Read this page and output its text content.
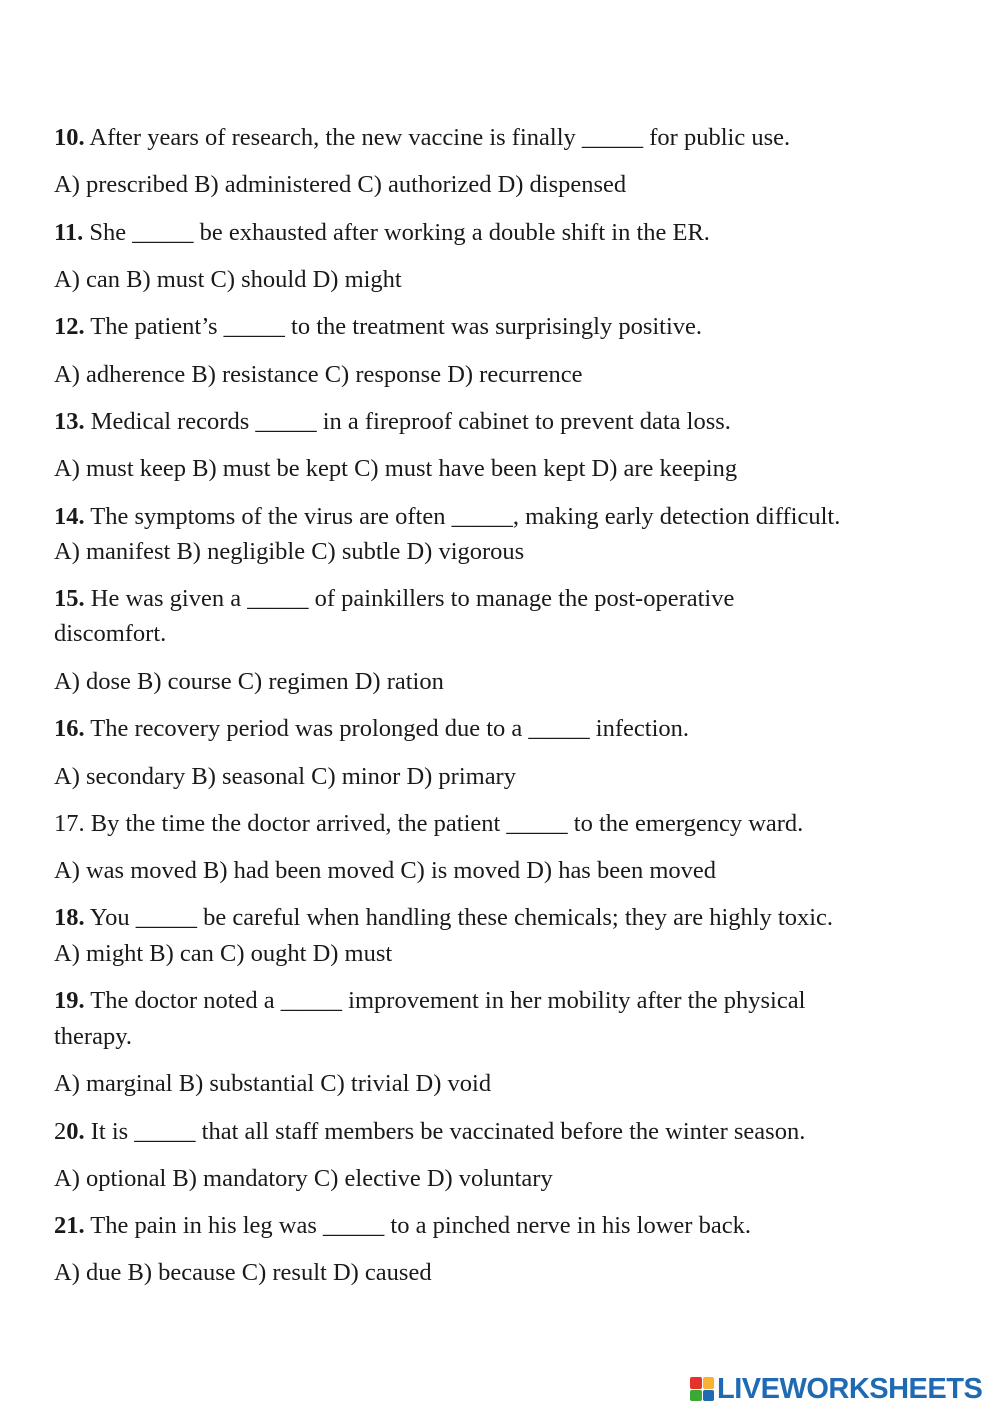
10. After years of research, the new vaccine is finally _____ for public use.
A) prescribed B) administered C) authorized D) dispensed
11. She _____ be exhausted after working a double shift in the ER.
A) can B) must C) should D) might
12. The patient’s _____ to the treatment was surprisingly positive.
A) adherence B) resistance C) response D) recurrence
13. Medical records _____ in a fireproof cabinet to prevent data loss.
A) must keep B) must be kept C) must have been kept D) are keeping
14. The symptoms of the virus are often _____, making early detection difficult.
A) manifest B) negligible C) subtle D) vigorous
15. He was given a _____ of painkillers to manage the post-operative
discomfort.
A) dose B) course C) regimen D) ration
16. The recovery period was prolonged due to a _____ infection.
A) secondary B) seasonal C) minor D) primary
17. By the time the doctor arrived, the patient _____ to the emergency ward.
A) was moved B) had been moved C) is moved D) has been moved
18. You _____ be careful when handling these chemicals; they are highly toxic.
A) might B) can C) ought D) must
19. The doctor noted a _____ improvement in her mobility after the physical
therapy.
A) marginal B) substantial C) trivial D) void
20. It is _____ that all staff members be vaccinated before the winter season.
A) optional B) mandatory C) elective D) voluntary
21. The pain in his leg was _____ to a pinched nerve in his lower back.
A) due B) because C) result D) caused
LIVEWORKSHEETS
